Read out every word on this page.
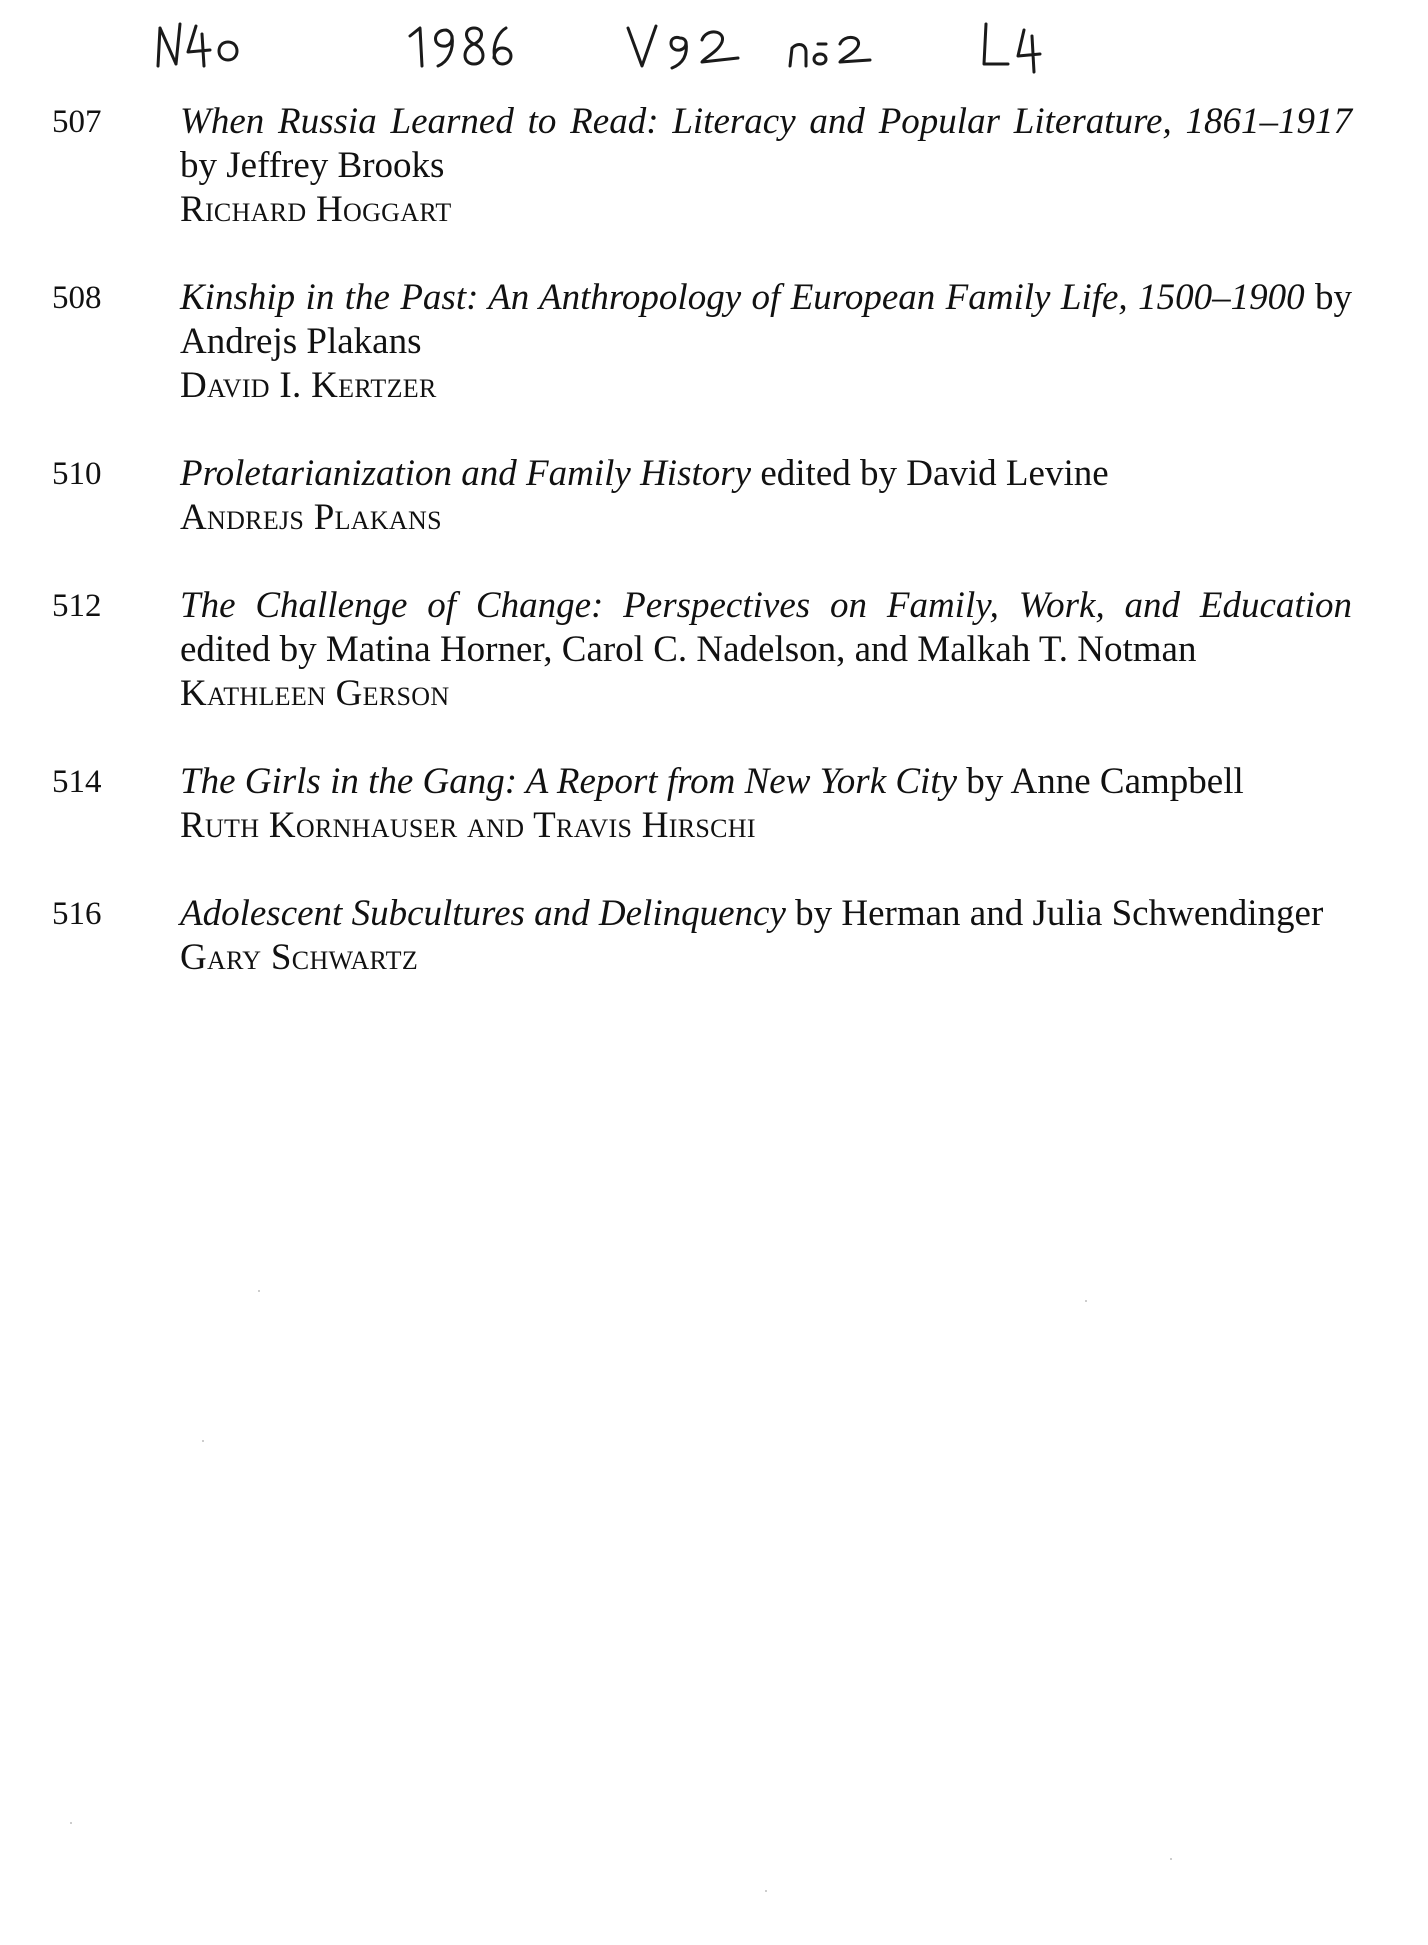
507	When Russia Learned to Read: Literacy and Popular Literature, 1861–1917 by Jeffrey Brooks
Richard Hoggart
508	Kinship in the Past: An Anthropology of European Family Life, 1500–1900 by Andrejs Plakans
David I. Kertzer
510	Proletarianization and Family History edited by David Levine
Andrejs Plakans
512	The Challenge of Change: Perspectives on Family, Work, and Education edited by Matina Horner, Carol C. Nadelson, and Malkah T. Notman
Kathleen Gerson
514	The Girls in the Gang: A Report from New York City by Anne Campbell
Ruth Kornhauser and Travis Hirschi
516	Adolescent Subcultures and Delinquency by Herman and Julia Schwendinger
Gary Schwartz
